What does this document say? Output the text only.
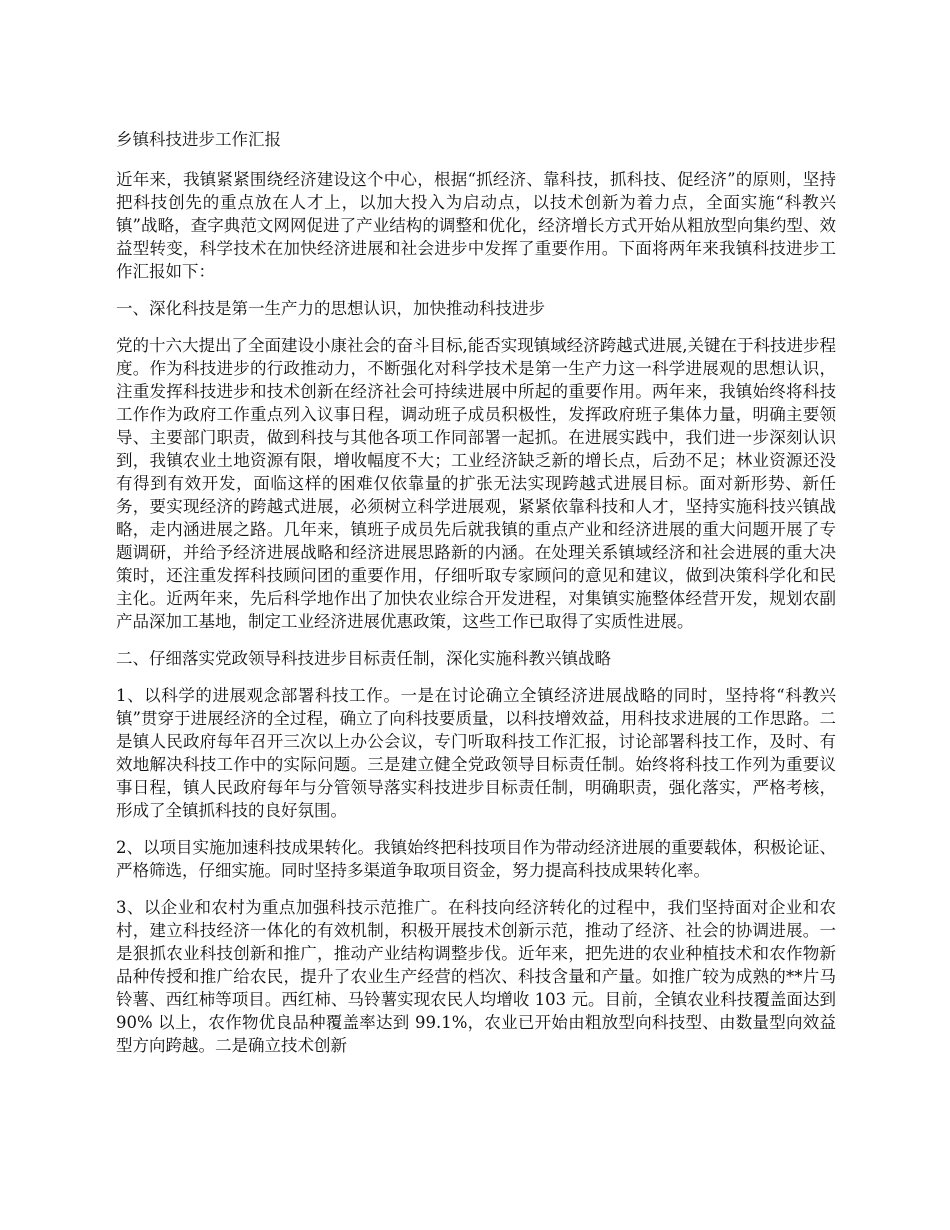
乡镇科技进步工作汇报

近年来，我镇紧紧围绕经济建设这个中心，根据“抓经济、靠科技，抓科技、促经济”的原则，坚持把科技创先的重点放在人才上，以加大投入为启动点，以技术创新为着力点，全面实施“科教兴镇”战略，查字典范文网网促进了产业结构的调整和优化，经济增长方式开始从粗放型向集约型、效益型转变，科学技术在加快经济进展和社会进步中发挥了重要作用。下面将两年来我镇科技进步工作汇报如下：

一、深化科技是第一生产力的思想认识，加快推动科技进步

党的十六大提出了全面建设小康社会的奋斗目标,能否实现镇域经济跨越式进展,关键在于科技进步程度。作为科技进步的行政推动力，不断强化对科学技术是第一生产力这一科学进展观的思想认识，注重发挥科技进步和技术创新在经济社会可持续进展中所起的重要作用。两年来，我镇始终将科技工作作为政府工作重点列入议事日程，调动班子成员积极性，发挥政府班子集体力量，明确主要领导、主要部门职责，做到科技与其他各项工作同部署一起抓。在进展实践中，我们进一步深刻认识到，我镇农业土地资源有限，增收幅度不大；工业经济缺乏新的增长点，后劲不足；林业资源还没有得到有效开发，面临这样的困难仅依靠量的扩张无法实现跨越式进展目标。面对新形势、新任务，要实现经济的跨越式进展，必须树立科学进展观，紧紧依靠科技和人才，坚持实施科技兴镇战略，走内涵进展之路。几年来，镇班子成员先后就我镇的重点产业和经济进展的重大问题开展了专题调研，并给予经济进展战略和经济进展思路新的内涵。在处理关系镇域经济和社会进展的重大决策时，还注重发挥科技顾问团的重要作用，仔细听取专家顾问的意见和建议，做到决策科学化和民主化。近两年来，先后科学地作出了加快农业综合开发进程，对集镇实施整体经营开发，规划农副产品深加工基地，制定工业经济进展优惠政策，这些工作已取得了实质性进展。

二、仔细落实党政领导科技进步目标责任制，深化实施科教兴镇战略

1、以科学的进展观念部署科技工作。一是在讨论确立全镇经济进展战略的同时，坚持将“科教兴镇”贯穿于进展经济的全过程，确立了向科技要质量，以科技增效益，用科技求进展的工作思路。二是镇人民政府每年召开三次以上办公会议，专门听取科技工作汇报，讨论部署科技工作，及时、有效地解决科技工作中的实际问题。三是建立健全党政领导目标责任制。始终将科技工作列为重要议事日程，镇人民政府每年与分管领导落实科技进步目标责任制，明确职责，强化落实，严格考核，形成了全镇抓科技的良好氛围。

2、以项目实施加速科技成果转化。我镇始终把科技项目作为带动经济进展的重要载体，积极论证、严格筛选，仔细实施。同时坚持多渠道争取项目资金，努力提高科技成果转化率。

3、以企业和农村为重点加强科技示范推广。在科技向经济转化的过程中，我们坚持面对企业和农村，建立科技经济一体化的有效机制，积极开展技术创新示范，推动了经济、社会的协调进展。一是狠抓农业科技创新和推广，推动产业结构调整步伐。近年来，把先进的农业种植技术和农作物新品种传授和推广给农民，提升了农业生产经营的档次、科技含量和产量。如推广较为成熟的**片马铃薯、西红柿等项目。西红柿、马铃薯实现农民人均增收 103 元。目前，全镇农业科技覆盖面达到 90% 以上，农作物优良品种覆盖率达到 99.1%，农业已开始由粗放型向科技型、由数量型向效益型方向跨越。二是确立技术创新
